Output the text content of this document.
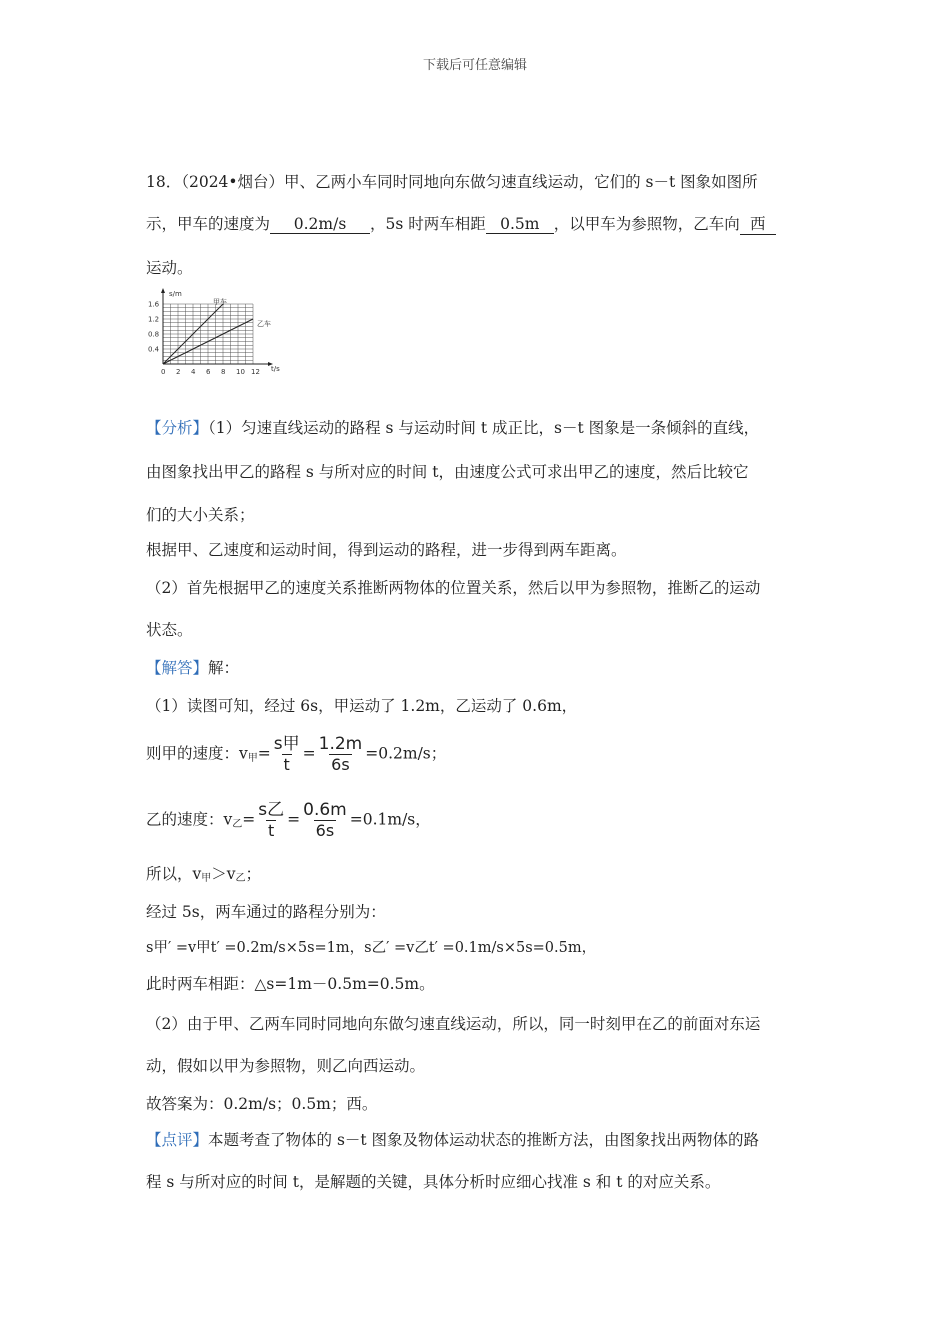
下载后可任意编辑
18．（2024•烟台）甲、乙两小车同时同地向东做匀速直线运动，它们的 s－t 图象如图所
示，甲车的速度为 0.2m/s ，5s 时两车相距 0.5m ，以甲车为参照物，乙车向 西
运动。
0 2 4 6 8 10 12
0.4
0.8
1.2
1.6
s/m
t/s
甲车
乙车
【分析】（1）匀速直线运动的路程 s 与运动时间 t 成正比，s－t 图象是一条倾斜的直线，
由图象找出甲乙的路程 s 与所对应的时间 t，由速度公式可求出甲乙的速度，然后比较它
们的大小关系；
根据甲、乙速度和运动时间，得到运动的路程，进一步得到两车距离。
（2）首先根据甲乙的速度关系推断两物体的位置关系，然后以甲为参照物，推断乙的运动
状态。
【解答】解：
（1）读图可知，经过 6s，甲运动了 1.2m，乙运动了 0.6m，
则甲的速度：v甲= $\frac{\text{s甲}}{t} = \frac{1.2m}{6s} =0.2m/s$；
乙的速度：v乙= $\frac{\text{s乙}}{t} = \frac{0.6m}{6s} =0.1m/s$，
所以，v甲＞v乙；
经过 5s，两车通过的路程分别为：
s甲′ =v甲t′ =0.2m/s×5s=1m，s乙′ =v乙t′ =0.1m/s×5s=0.5m，
此时两车相距：△s=1m－0.5m=0.5m。
（2）由于甲、乙两车同时同地向东做匀速直线运动，所以，同一时刻甲在乙的前面对东运
动，假如以甲为参照物，则乙向西运动。
故答案为：0.2m/s；0.5m；西。
【点评】本题考查了物体的 s－t 图象及物体运动状态的推断方法，由图象找出两物体的路
程 s 与所对应的时间 t，是解题的关键，具体分析时应细心找准 s 和 t 的对应关系。
